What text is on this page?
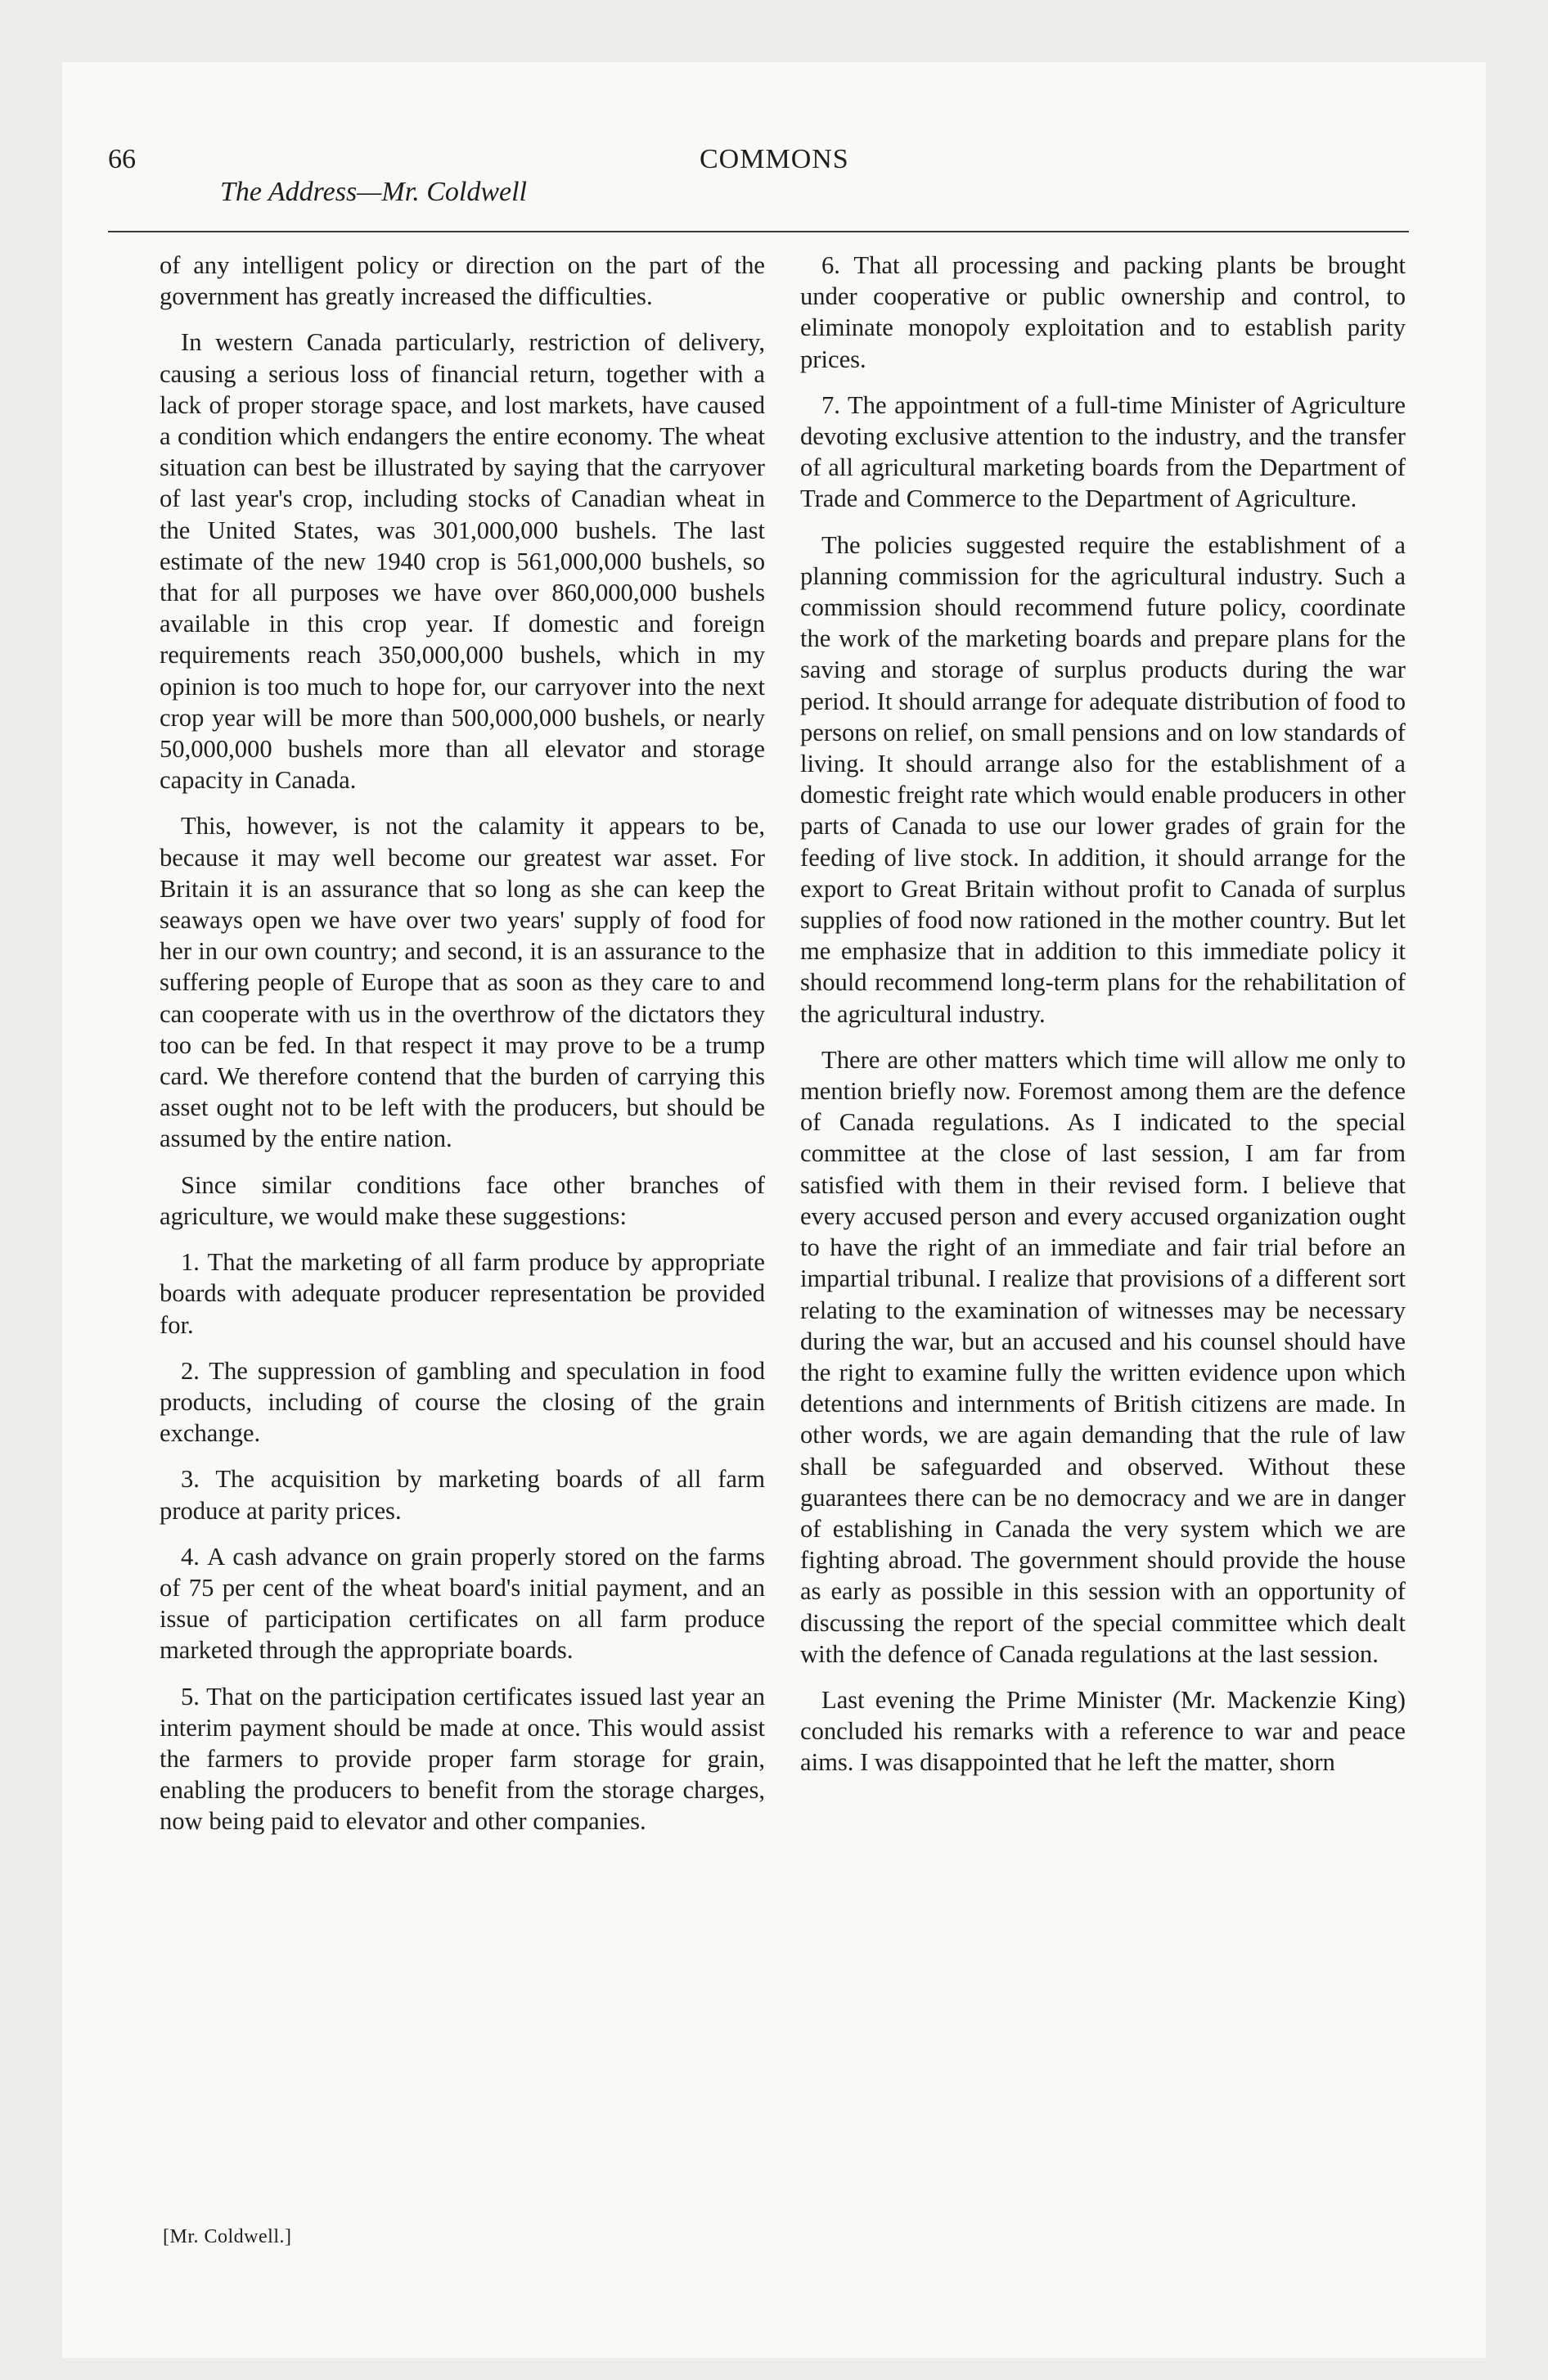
66
The Address—Mr. Coldwell
COMMONS

of any intelligent policy or direction on the part of the government has greatly increased the difficulties.

In western Canada particularly, restriction of delivery, causing a serious loss of financial return, together with a lack of proper storage space, and lost markets, have caused a condition which endangers the entire economy. The wheat situation can best be illustrated by saying that the carryover of last year's crop, including stocks of Canadian wheat in the United States, was 301,000,000 bushels. The last estimate of the new 1940 crop is 561,000,000 bushels, so that for all purposes we have over 860,000,000 bushels available in this crop year. If domestic and foreign requirements reach 350,000,000 bushels, which in my opinion is too much to hope for, our carryover into the next crop year will be more than 500,000,000 bushels, or nearly 50,000,000 bushels more than all elevator and storage capacity in Canada.

This, however, is not the calamity it appears to be, because it may well become our greatest war asset. For Britain it is an assurance that so long as she can keep the seaways open we have over two years' supply of food for her in our own country; and second, it is an assurance to the suffering people of Europe that as soon as they care to and can cooperate with us in the overthrow of the dictators they too can be fed. In that respect it may prove to be a trump card. We therefore contend that the burden of carrying this asset ought not to be left with the producers, but should be assumed by the entire nation.

Since similar conditions face other branches of agriculture, we would make these suggestions:

1. That the marketing of all farm produce by appropriate boards with adequate producer representation be provided for.

2. The suppression of gambling and speculation in food products, including of course the closing of the grain exchange.

3. The acquisition by marketing boards of all farm produce at parity prices.

4. A cash advance on grain properly stored on the farms of 75 per cent of the wheat board's initial payment, and an issue of participation certificates on all farm produce marketed through the appropriate boards.

5. That on the participation certificates issued last year an interim payment should be made at once. This would assist the farmers to provide proper farm storage for grain, enabling the producers to benefit from the storage charges, now being paid to elevator and other companies.

[Mr. Coldwell.]

6. That all processing and packing plants be brought under cooperative or public ownership and control, to eliminate monopoly exploitation and to establish parity prices.

7. The appointment of a full-time Minister of Agriculture devoting exclusive attention to the industry, and the transfer of all agricultural marketing boards from the Department of Trade and Commerce to the Department of Agriculture.

The policies suggested require the establishment of a planning commission for the agricultural industry. Such a commission should recommend future policy, coordinate the work of the marketing boards and prepare plans for the saving and storage of surplus products during the war period. It should arrange for adequate distribution of food to persons on relief, on small pensions and on low standards of living. It should arrange also for the establishment of a domestic freight rate which would enable producers in other parts of Canada to use our lower grades of grain for the feeding of live stock. In addition, it should arrange for the export to Great Britain without profit to Canada of surplus supplies of food now rationed in the mother country. But let me emphasize that in addition to this immediate policy it should recommend long-term plans for the rehabilitation of the agricultural industry.

There are other matters which time will allow me only to mention briefly now. Foremost among them are the defence of Canada regulations. As I indicated to the special committee at the close of last session, I am far from satisfied with them in their revised form. I believe that every accused person and every accused organization ought to have the right of an immediate and fair trial before an impartial tribunal. I realize that provisions of a different sort relating to the examination of witnesses may be necessary during the war, but an accused and his counsel should have the right to examine fully the written evidence upon which detentions and internments of British citizens are made. In other words, we are again demanding that the rule of law shall be safeguarded and observed. Without these guarantees there can be no democracy and we are in danger of establishing in Canada the very system which we are fighting abroad. The government should provide the house as early as possible in this session with an opportunity of discussing the report of the special committee which dealt with the defence of Canada regulations at the last session.

Last evening the Prime Minister (Mr. Mackenzie King) concluded his remarks with a reference to war and peace aims. I was disappointed that he left the matter, shorn
